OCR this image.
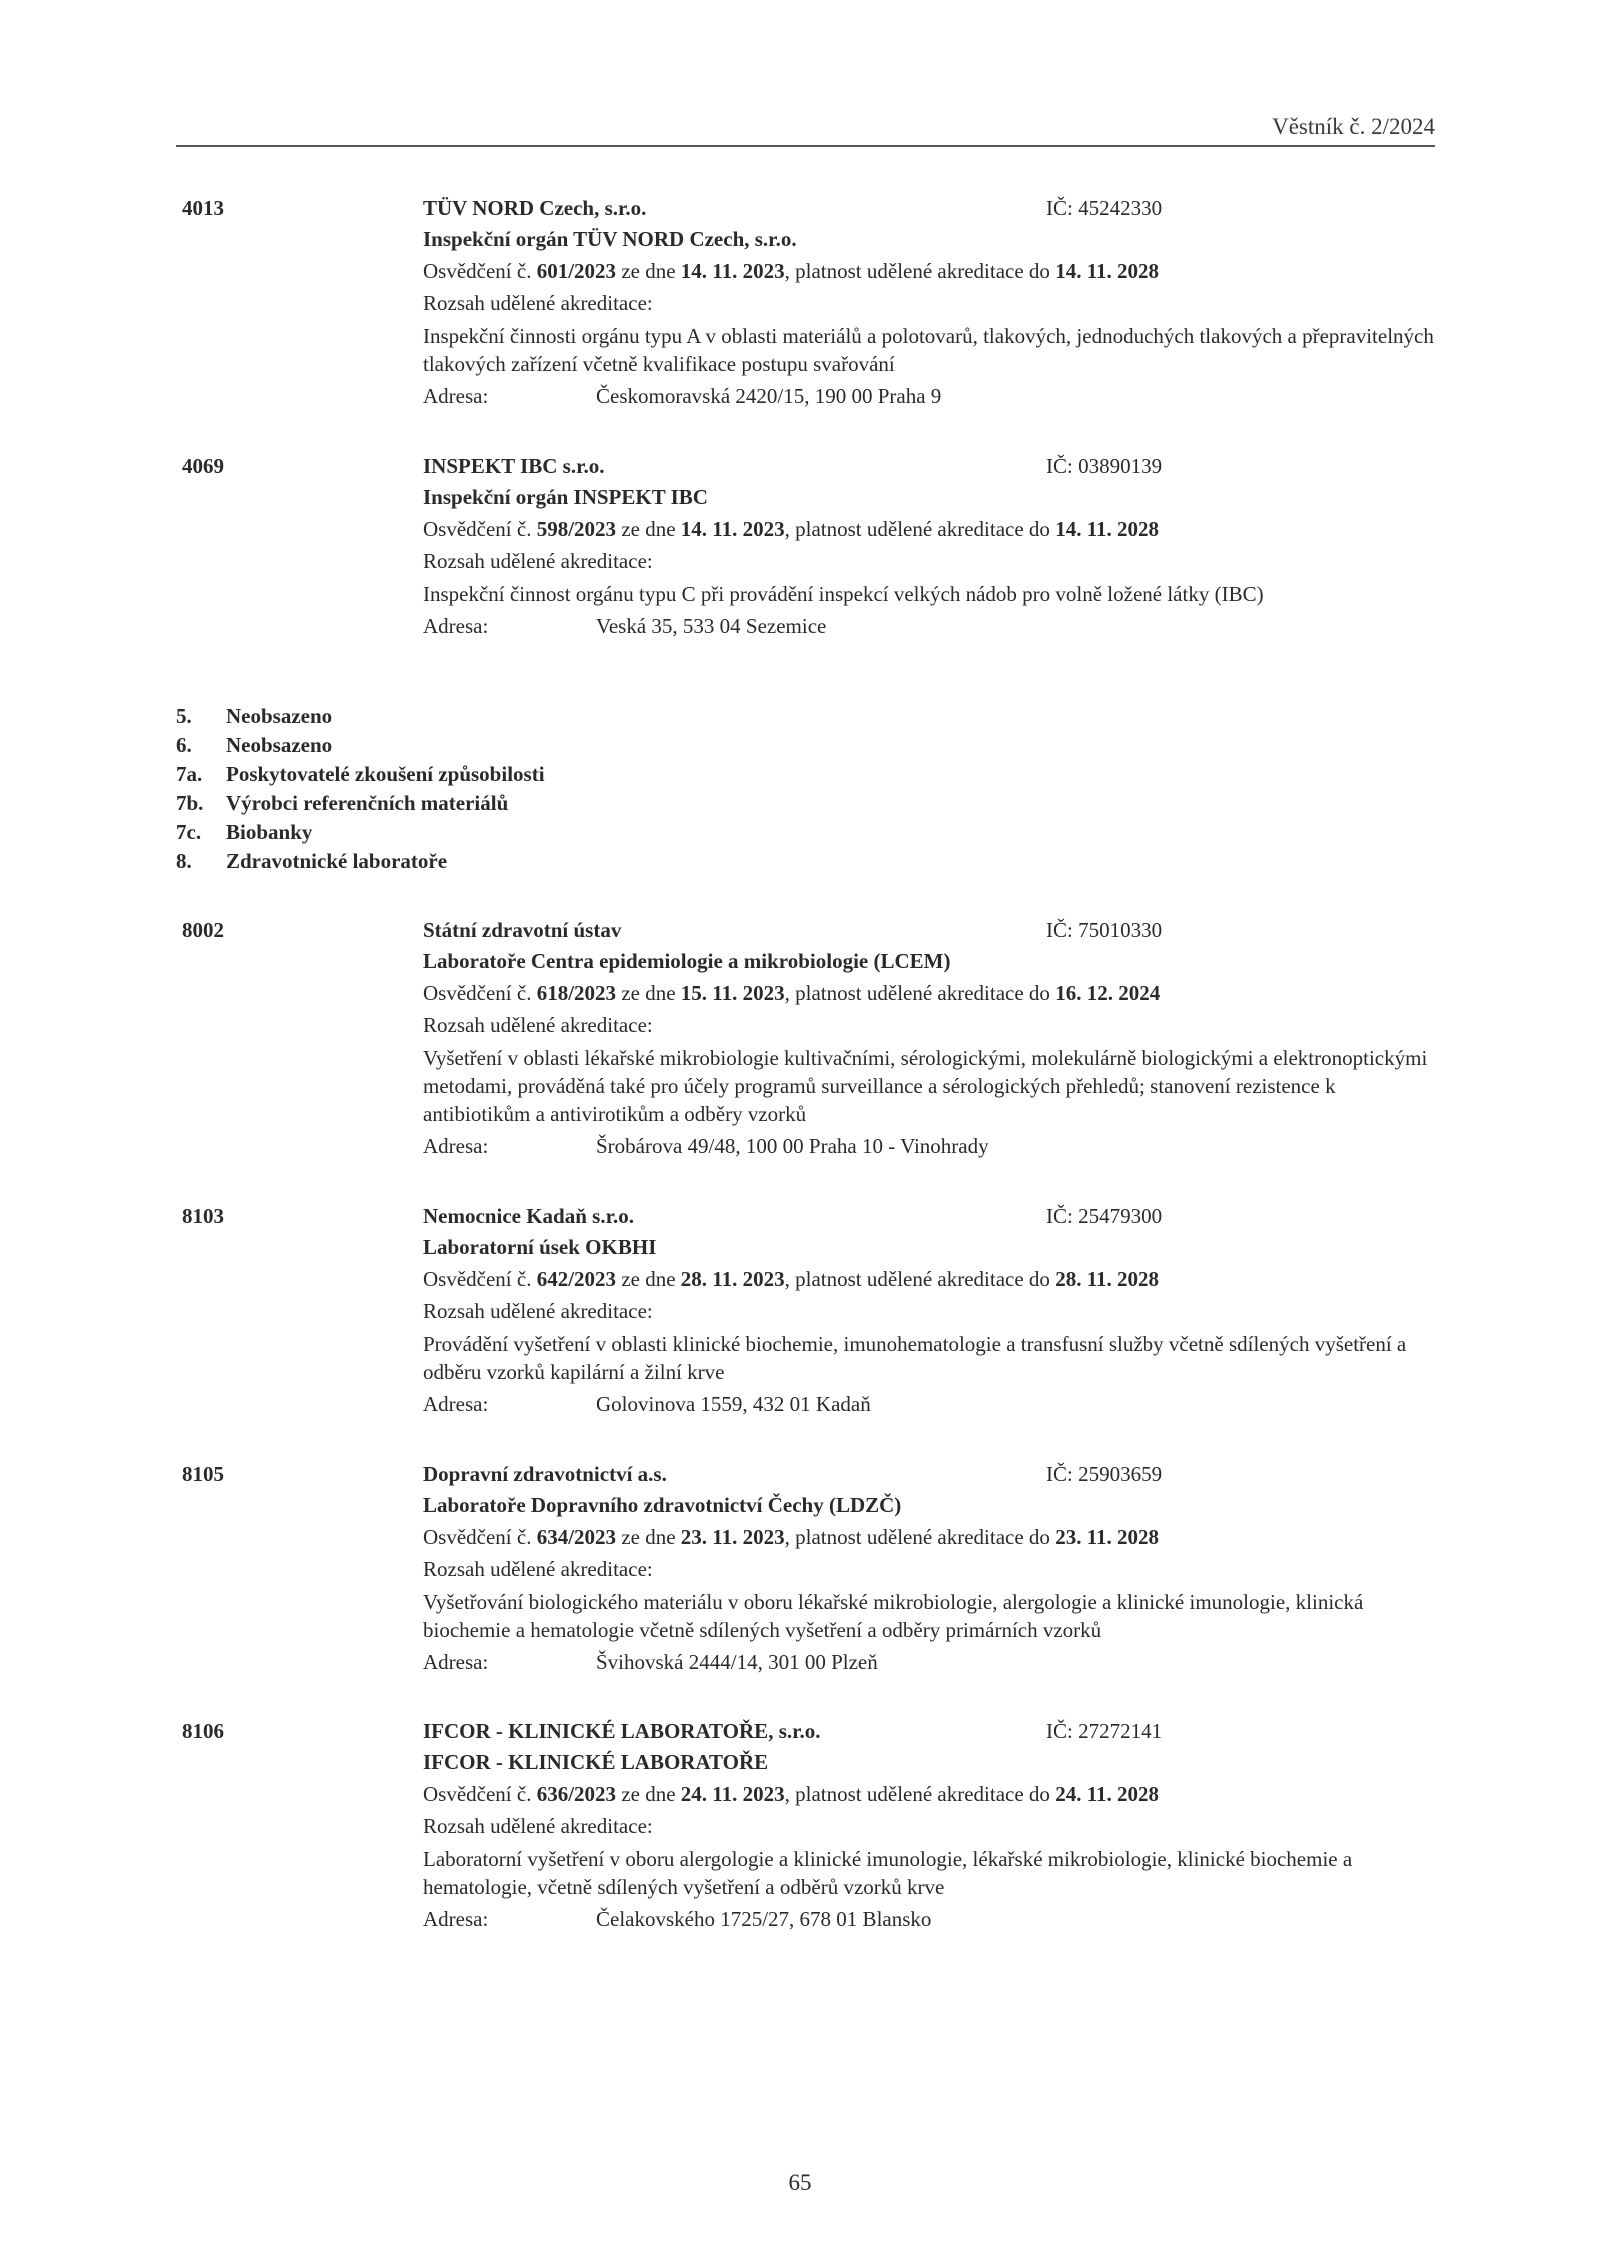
Věstník č. 2/2024
4013	TÜV NORD Czech, s.r.o.	IČ: 45242330
Inspekční orgán TÜV NORD Czech, s.r.o.
Osvědčení č. 601/2023 ze dne 14. 11. 2023, platnost udělené akreditace do 14. 11. 2028
Rozsah udělené akreditace:
Inspekční činnosti orgánu typu A v oblasti materiálů a polotovarů, tlakových, jednoduchých tlakových a přepravitelných tlakových zařízení včetně kvalifikace postupu svařování
Adresa:	Českomoravská 2420/15, 190 00 Praha 9
4069	INSPEKT IBC s.r.o.	IČ: 03890139
Inspekční orgán INSPEKT IBC
Osvědčení č. 598/2023 ze dne 14. 11. 2023, platnost udělené akreditace do 14. 11. 2028
Rozsah udělené akreditace:
Inspekční činnost orgánu typu C při provádění inspekcí velkých nádob pro volně ložené látky (IBC)
Adresa:	Veská 35, 533 04 Sezemice
5. Neobsazeno
6. Neobsazeno
7a. Poskytovatelé zkoušení způsobilosti
7b. Výrobci referenčních materiálů
7c. Biobanky
8. Zdravotnické laboratoře
8002	Státní zdravotní ústav	IČ: 75010330
Laboratoře Centra epidemiologie a mikrobiologie (LCEM)
Osvědčení č. 618/2023 ze dne 15. 11. 2023, platnost udělené akreditace do 16. 12. 2024
Rozsah udělené akreditace:
Vyšetření v oblasti lékařské mikrobiologie kultivačními, sérologickými, molekulárně biologickými a elektronoptickými metodami, prováděná také pro účely programů surveillance a sérologických přehledů; stanovení rezistence k antibiotikům a antivirotikům a odběry vzorků
Adresa:	Šrobárova 49/48, 100 00 Praha 10 - Vinohrady
8103	Nemocnice Kadaň s.r.o.	IČ: 25479300
Laboratorní úsek OKBHI
Osvědčení č. 642/2023 ze dne 28. 11. 2023, platnost udělené akreditace do 28. 11. 2028
Rozsah udělené akreditace:
Provádění vyšetření v oblasti klinické biochemie, imunohematologie a transfusní služby včetně sdílených vyšetření a odběru vzorků kapilární a žilní krve
Adresa:	Golovinova 1559, 432 01 Kadaň
8105	Dopravní zdravotnictví a.s.	IČ: 25903659
Laboratoře Dopravního zdravotnictví Čechy (LDZČ)
Osvědčení č. 634/2023 ze dne 23. 11. 2023, platnost udělené akreditace do 23. 11. 2028
Rozsah udělené akreditace:
Vyšetřování biologického materiálu v oboru lékařské mikrobiologie, alergologie a klinické imunologie, klinická biochemie a hematologie včetně sdílených vyšetření a odběry primárních vzorků
Adresa:	Švihovská 2444/14, 301 00 Plzeň
8106	IFCOR - KLINICKÉ LABORATOŘE, s.r.o.	IČ: 27272141
IFCOR - KLINICKÉ LABORATOŘE
Osvědčení č. 636/2023 ze dne 24. 11. 2023, platnost udělené akreditace do 24. 11. 2028
Rozsah udělené akreditace:
Laboratorní vyšetření v oboru alergologie a klinické imunologie, lékařské mikrobiologie, klinické biochemie a hematologie, včetně sdílených vyšetření a odběrů vzorků krve
Adresa:	Čelakovského 1725/27, 678 01 Blansko
65
